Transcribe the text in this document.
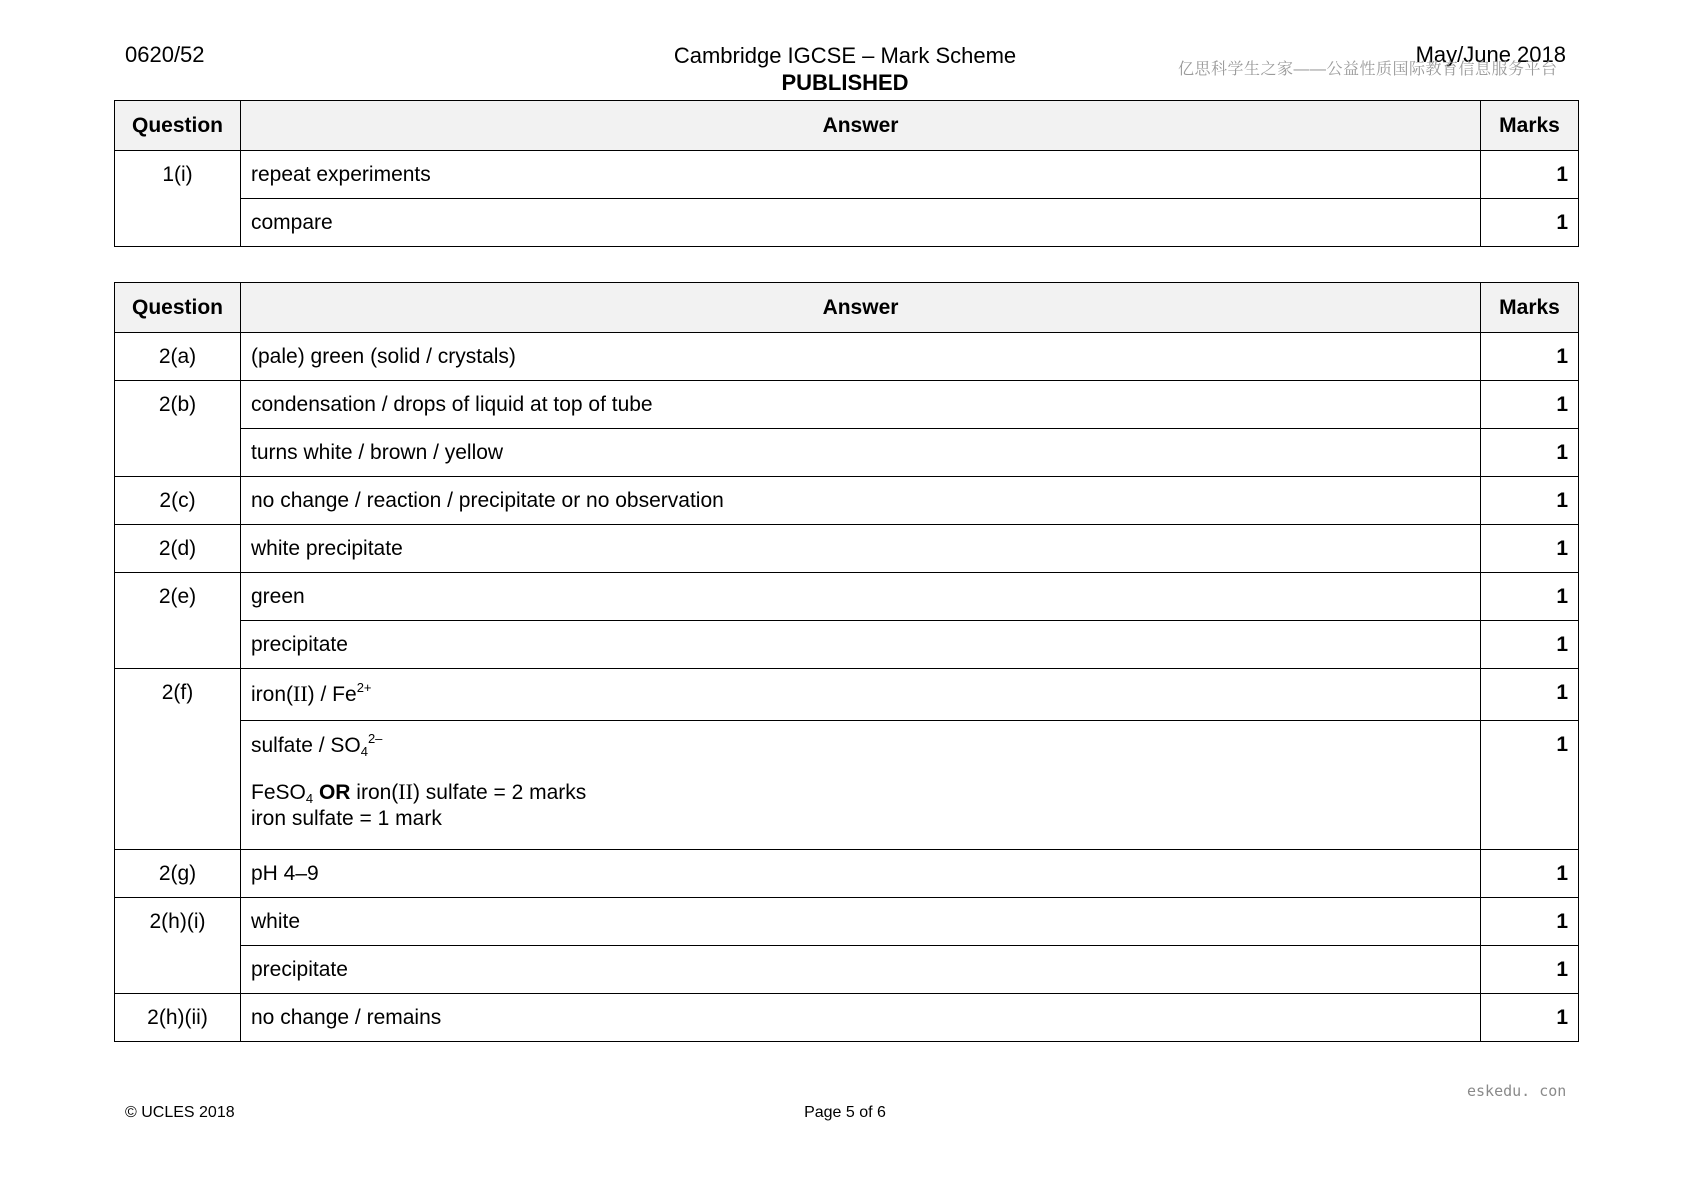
0620/52	Cambridge IGCSE – Mark Scheme
PUBLISHED
May/June 2018
亿思科学生之家——公益性质国际教育信息服务平台
Question	Answer	Marks
1(i)	repeat experiments	1
	compare	1
Question	Answer	Marks
2(a)	(pale) green (solid / crystals)	1
2(b)	condensation / drops of liquid at top of tube	1
	turns white / brown / yellow	1
2(c)	no change / reaction / precipitate or no observation	1
2(d)	white precipitate	1
2(e)	green	1
	precipitate	1
2(f)	iron(II) / $Fe^{2+}$	1

	sulfate / $SO_4^{2-}$
FeSO$_4$ OR iron(II) sulfate = 2 marks
iron sulfate = 1 mark	1
2(g)	pH 4–9	1
2(h)(i)	white	1
	precipitate	1
2(h)(ii)	no change / remains	1
eskedu. con
© UCLES 2018	Page 5 of 6
